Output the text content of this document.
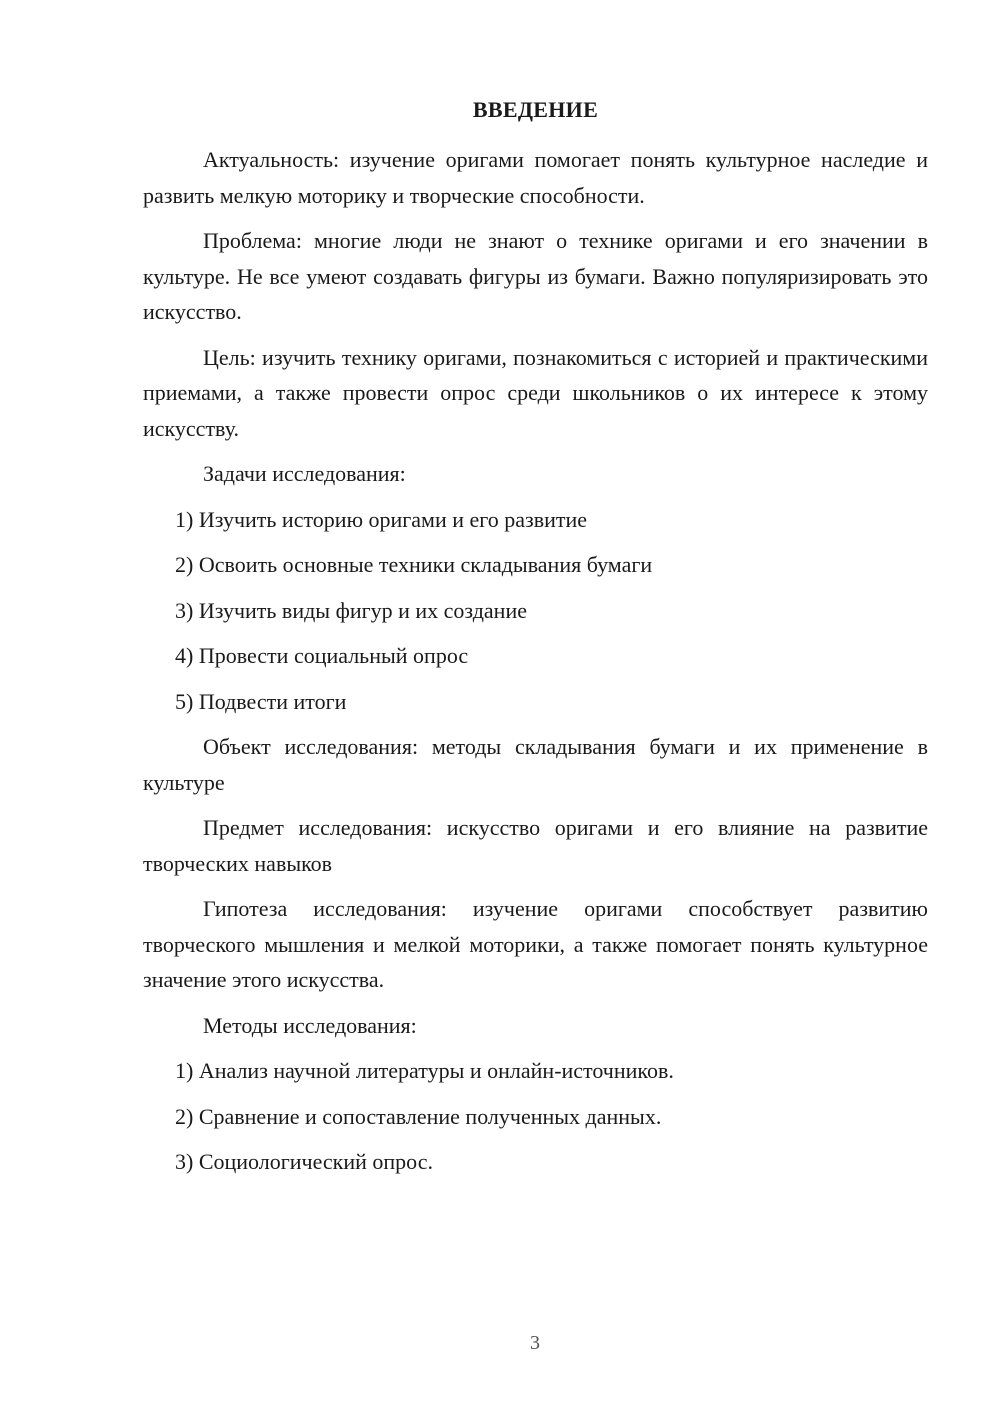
ВВЕДЕНИЕ

Актуальность: изучение оригами помогает понять культурное наследие и развить мелкую моторику и творческие способности.

Проблема: многие люди не знают о технике оригами и его значении в культуре. Не все умеют создавать фигуры из бумаги. Важно популяризировать это искусство.

Цель: изучить технику оригами, познакомиться с историей и практическими приемами, а также провести опрос среди школьников о их интересе к этому искусству.

Задачи исследования:
1) Изучить историю оригами и его развитие
2) Освоить основные техники складывания бумаги
3) Изучить виды фигур и их создание
4) Провести социальный опрос
5) Подвести итоги

Объект исследования: методы складывания бумаги и их применение в культуре

Предмет исследования: искусство оригами и его влияние на развитие творческих навыков

Гипотеза исследования: изучение оригами способствует развитию творческого мышления и мелкой моторики, а также помогает понять культурное значение этого искусства.

Методы исследования:
1) Анализ научной литературы и онлайн-источников.
2) Сравнение и сопоставление полученных данных.
3) Социологический опрос.
3
